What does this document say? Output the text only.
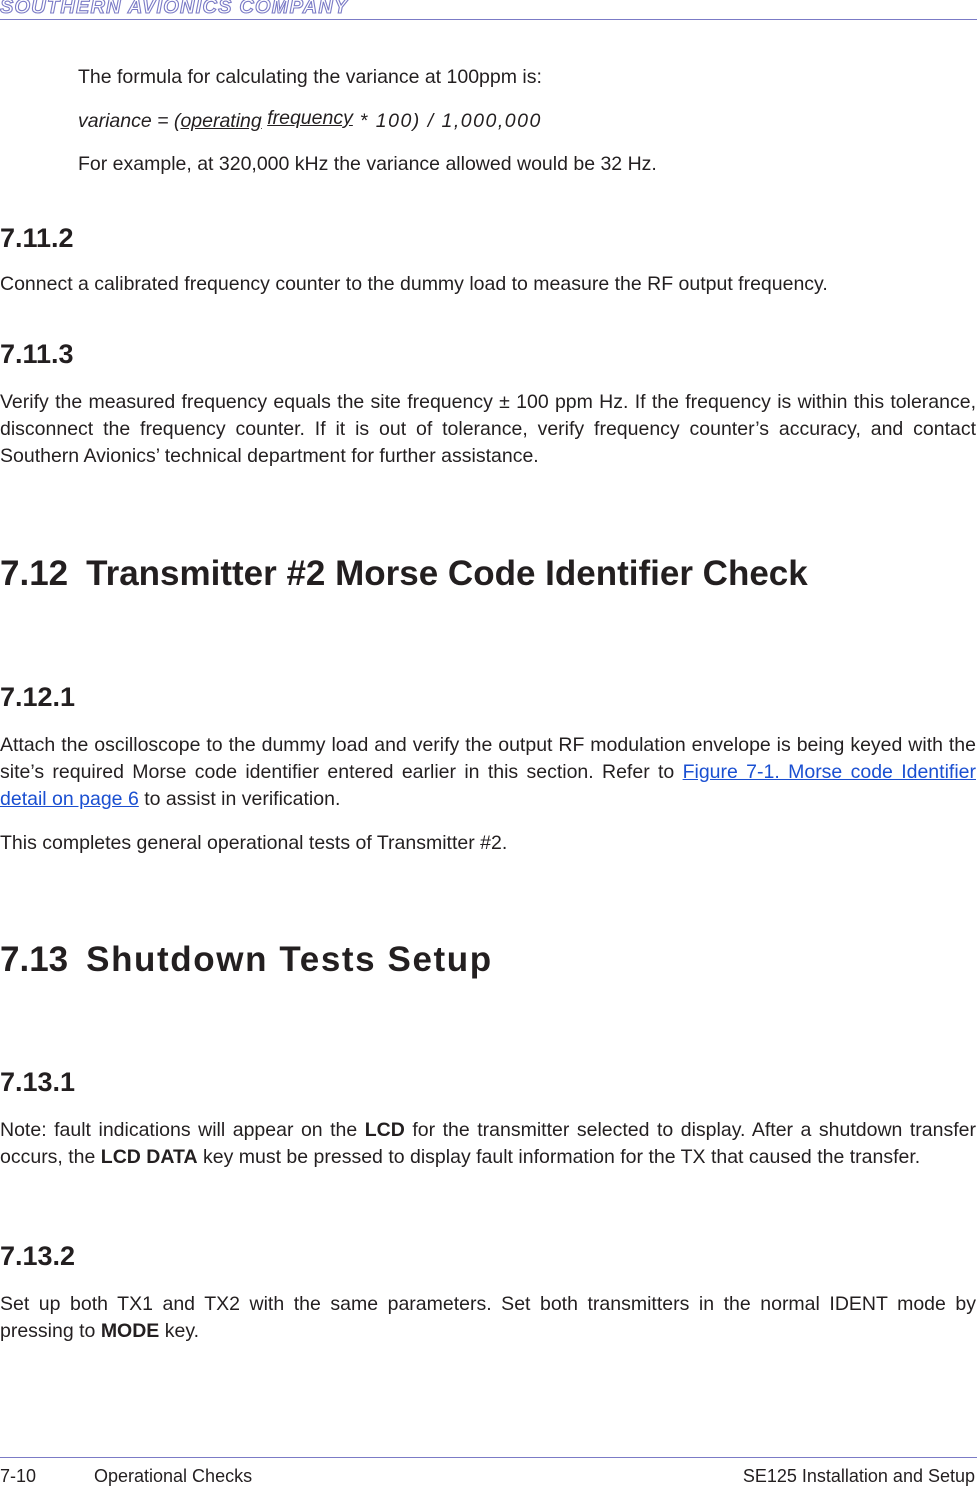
SOUTHERN AVIONICS COMPANY
The formula for calculating the variance at 100ppm is:
variance = (operating frequency * 100) / 1,000,000
For example, at 320,000 kHz the variance allowed would be 32 Hz.
7.11.2
Connect a calibrated frequency counter to the dummy load to measure the RF output frequency.
7.11.3
Verify the measured frequency equals the site frequency ± 100 ppm Hz. If the frequency is within this tolerance, disconnect the frequency counter. If it is out of tolerance, verify frequency counter’s accuracy, and contact Southern Avionics’ technical department for further assistance.
7.12 Transmitter #2 Morse Code Identifier Check
7.12.1
Attach the oscilloscope to the dummy load and verify the output RF modulation envelope is being keyed with the site’s required Morse code identifier entered earlier in this section. Refer to Figure 7-1. Morse code Identifier detail on page 6 to assist in verification.
This completes general operational tests of Transmitter #2.
7.13 Shutdown Tests Setup
7.13.1
Note: fault indications will appear on the LCD for the transmitter selected to display. After a shutdown transfer occurs, the LCD DATA key must be pressed to display fault information for the TX that caused the transfer.
7.13.2
Set up both TX1 and TX2 with the same parameters. Set both transmitters in the normal IDENT mode by pressing to MODE key.
7-10	Operational Checks	SE125 Installation and Setup
